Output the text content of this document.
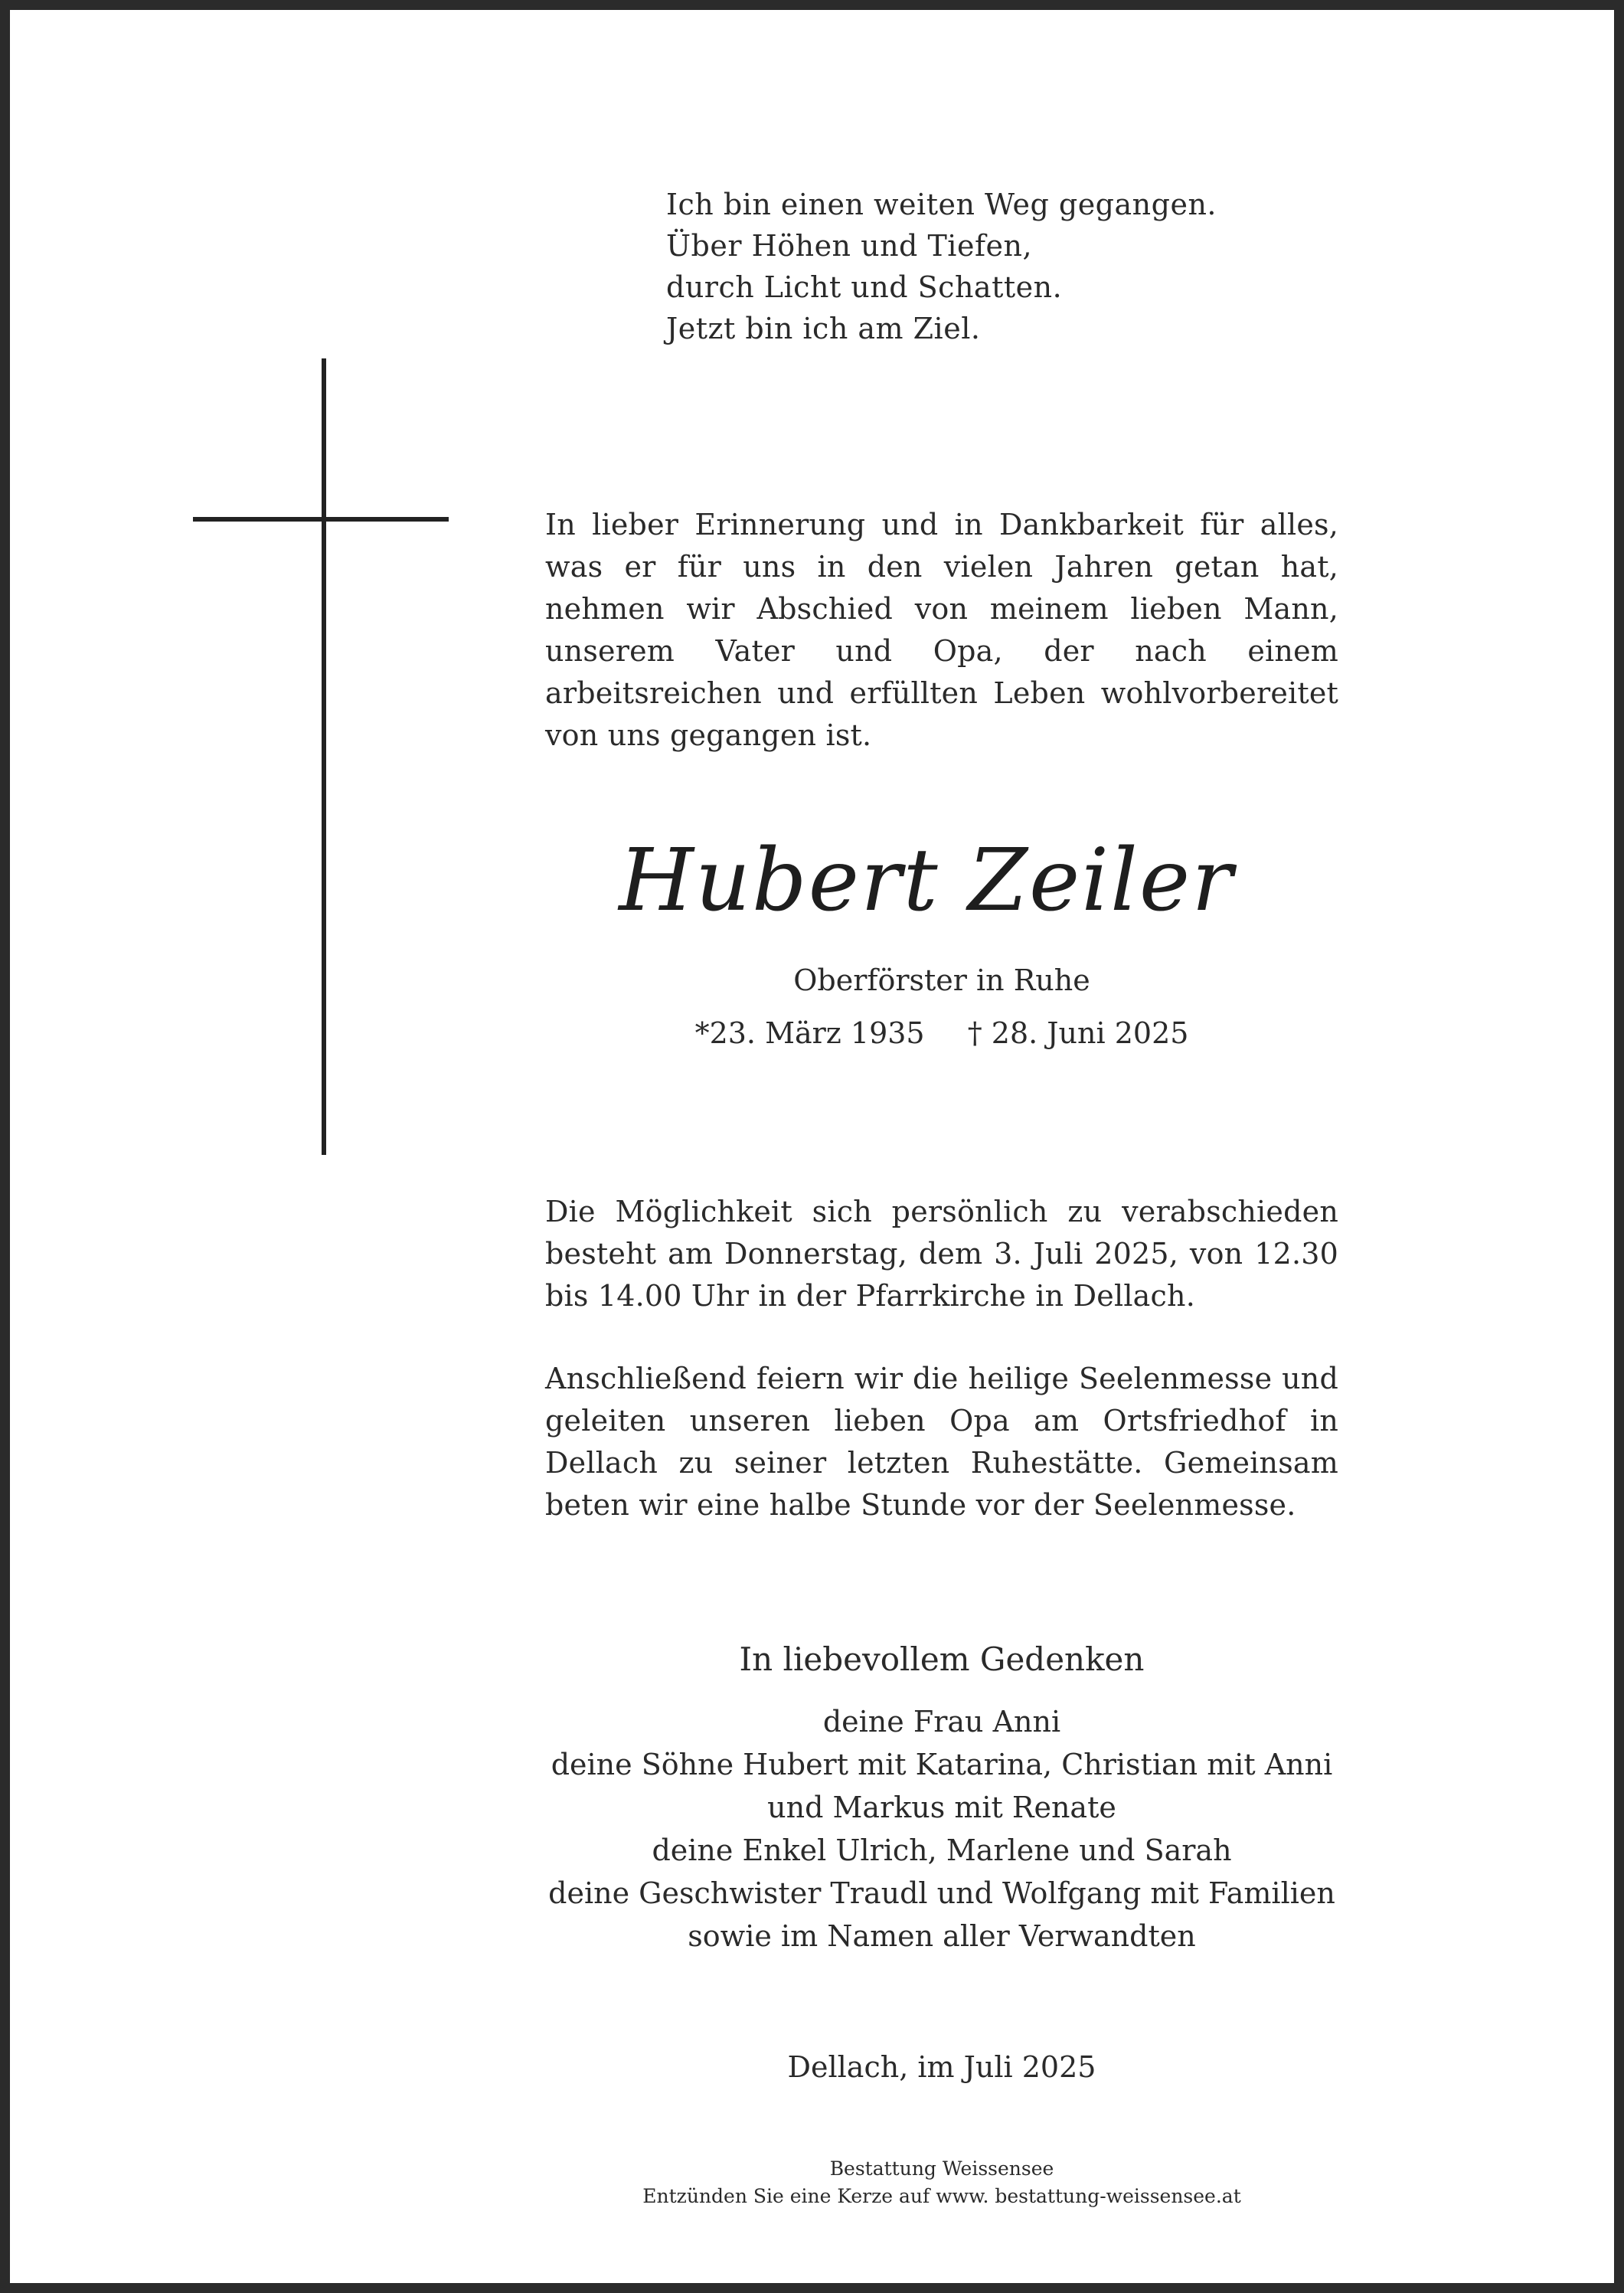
Ich bin einen weiten Weg gegangen.
Über Höhen und Tiefen,
durch Licht und Schatten.
Jetzt bin ich am Ziel.
In lieber Erinnerung und in Dankbarkeit für alles, was er für uns in den vielen Jahren getan hat, nehmen wir Abschied von meinem lieben Mann, unserem Vater und Opa, der nach einem arbeitsreichen und erfüllten Leben wohlvorbereitet von uns gegangen ist.
Hubert Zeiler
Oberförster in Ruhe
*23. März 1935 † 28. Juni 2025
Die Möglichkeit sich persönlich zu verabschieden besteht am Donnerstag, dem 3. Juli 2025, von 12.30 bis 14.00 Uhr in der Pfarrkirche in Dellach.
Anschließend feiern wir die heilige Seelenmesse und geleiten unseren lieben Opa am Ortsfriedhof in Dellach zu seiner letzten Ruhestätte. Gemeinsam beten wir eine halbe Stunde vor der Seelenmesse.
In liebevollem Gedenken
deine Frau Anni
deine Söhne Hubert mit Katarina, Christian mit Anni
und Markus mit Renate
deine Enkel Ulrich, Marlene und Sarah
deine Geschwister Traudl und Wolfgang mit Familien
sowie im Namen aller Verwandten
Dellach, im Juli 2025
Bestattung Weissensee
Entzünden Sie eine Kerze auf www. bestattung-weissensee.at
